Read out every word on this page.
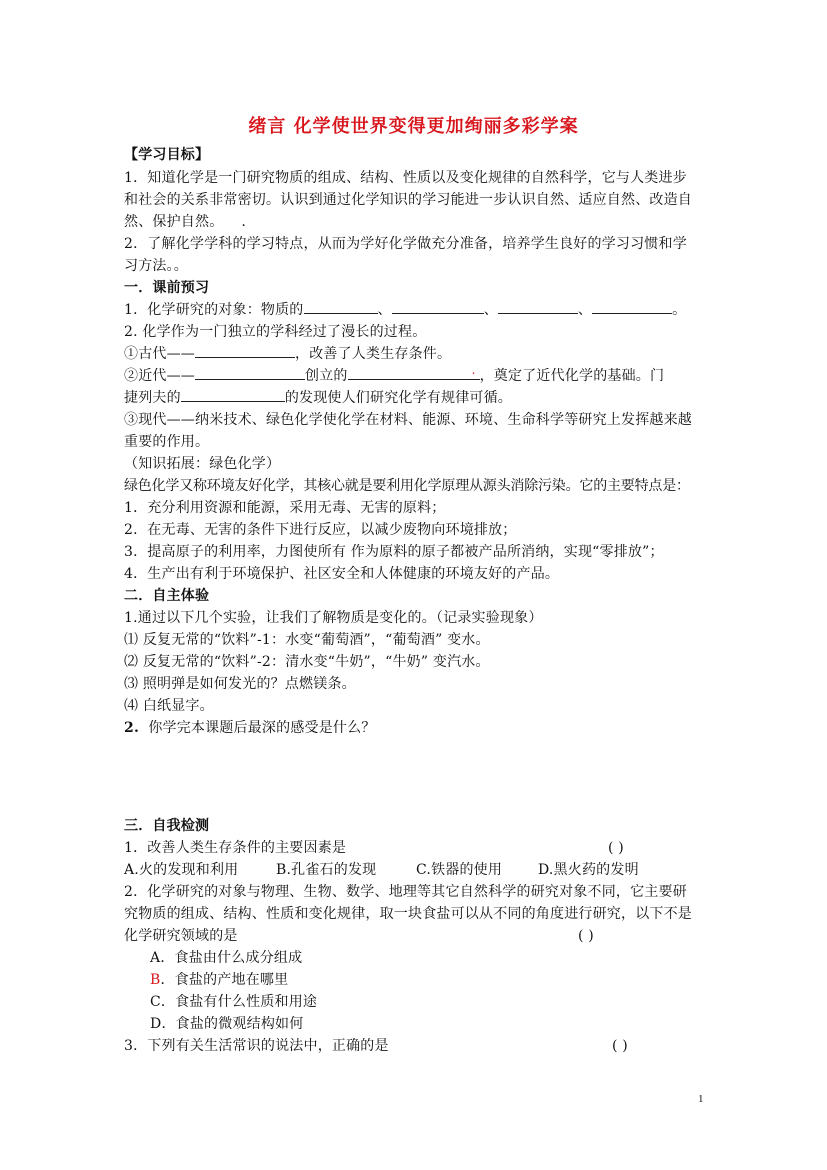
绪言 化学使世界变得更加绚丽多彩学案
【学习目标】
1．知道化学是一门研究物质的组成、结构、性质以及变化规律的自然科学，它与人类进步
和社会的关系非常密切。认识到通过化学知识的学习能进一步认识自然、适应自然、改造自
然、保护自然。 .
2．了解化学学科的学习特点，从而为学好化学做充分准备，培养学生良好的学习习惯和学
习方法。。
一．课前预习
1．化学研究的对象：物质的	、	、	、	。
2. 化学作为一门独立的学科经过了漫长的过程。
①古代——	，改善了人类生存条件。
②近代——	创立的	. ，奠定了近代化学的基础。门
捷列夫的	的发现使人们研究化学有规律可循。
③现代——纳米技术、绿色化学使化学在材料、能源、环境、生命科学等研究上发挥越来越
重要的作用。
（知识拓展：绿色化学）
绿色化学又称环境友好化学，其核心就是要利用化学原理从源头消除污染。它的主要特点是：
1．充分利用资源和能源，采用无毒、无害的原料；
2．在无毒、无害的条件下进行反应，以减少废物向环境排放；
3．提高原子的利用率，力图使所有 作为原料的原子都被产品所消纳，实现“零排放”；
4．生产出有利于环境保护、社区安全和人体健康的环境友好的产品。
二．自主体验
1.通过以下几个实验，让我们了解物质是变化的。（记录实验现象）
⑴ 反复无常的“饮料”-1：水变“葡萄酒”，“葡萄酒” 变水。
⑵ 反复无常的“饮料”-2：清水变“牛奶”，“牛奶” 变汽水。
⑶ 照明弹是如何发光的？点燃镁条。
⑷ 白纸显字。
2. 你学完本课题后最深的感受是什么？
三．自我检测
1．改善人类生存条件的主要因素是	( )
A.火的发现和利用	B.孔雀石的发现	C.铁器的使用	D.黑火药的发明
2．化学研究的对象与物理、生物、数学、地理等其它自然科学的研究对象不同，它主要研
究物质的组成、结构、性质和变化规律，取一块食盐可以从不同的角度进行研究，以下不是
化学研究领域的是	( )
A．食盐由什么成分组成
B．食盐的产地在哪里
C．食盐有什么性质和用途
D．食盐的微观结构如何
3．下列有关生活常识的说法中，正确的是	( )
1
